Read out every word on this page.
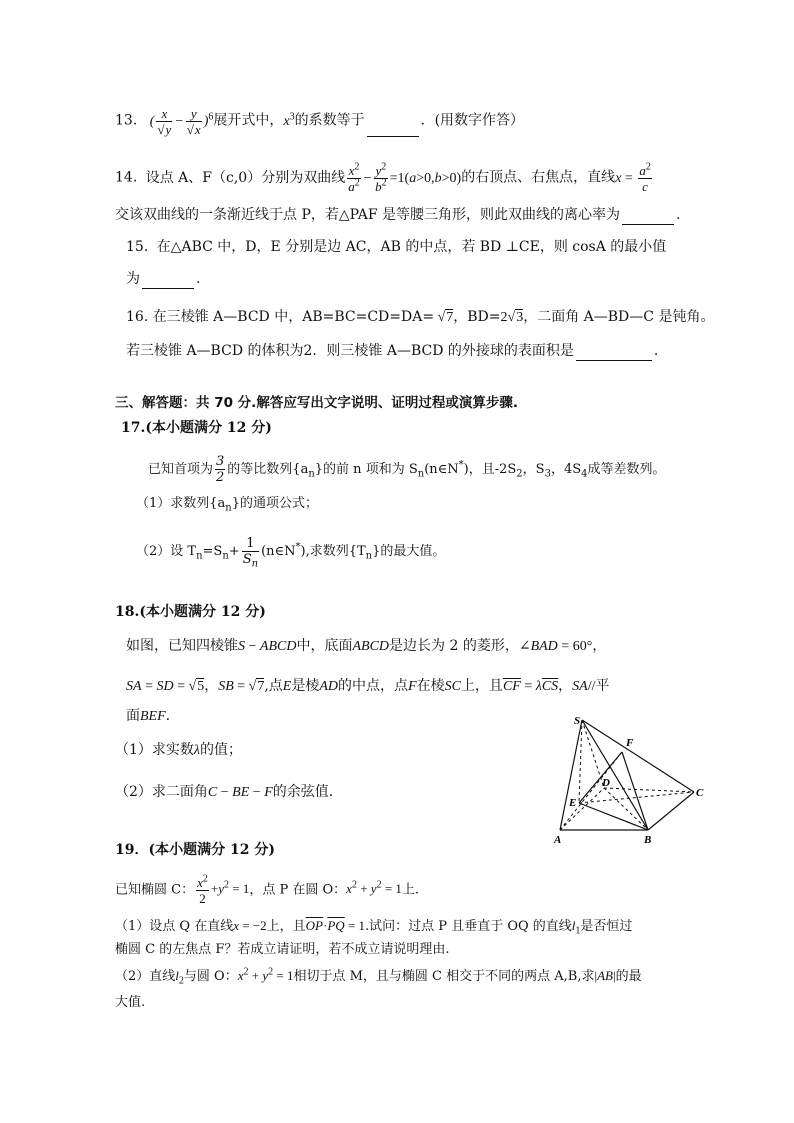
13. ( $\frac{x}{√y} - \frac{y}{√x} )^6$展开式中，$x^3$的系数等于	．(用数字作答）
14. 设点 A、F（c,0）分别为双曲线 $\frac{x^2}{a^2} - \frac{y^2}{b^2} =1(a>0,b>0)$的右顶点、右焦点，直线$x = \frac{a^2}{c}$
交该双曲线的一条渐近线于点 P，若△PAF 是等腰三角形，则此双曲线的离心率为	.
15. 在△ABC 中，D，E 分别是边 AC，AB 的中点，若 BD ⊥CE，则 cosA 的最小值
为	.
16. 在三棱锥 A—BCD 中，AB=BC=CD=DA= √7，BD=2√3，二面角 A—BD—C 是钝角。
若三棱锥 A—BCD 的体积为2．则三棱锥 A—BCD 的外接球的表面积是	.
三、解答题：共 70 分.解答应写出文字说明、证明过程或演算步骤.
17.(本小题满分 12 分)
已知首项为 $\frac{3}{2}$ 的等比数列$\{a_n\}$的前 n 项和为 $S_n(n\in N^*)$，且$-2S_2$，$S_3$，$4S_4$成等差数列。
（1）求数列$\{a_n\}$的通项公式；
（2）设 $T_n=S_n+ \frac{1}{S_n}$ (n∈N*),求数列$\{T_n\}$的最大值。
18.(本小题满分 12 分)
如图，已知四棱锥S − ABCD中，底面ABCD是边长为 2 的菱形，∠BAD = 60°，
SA = SD = √5，SB = √7,点E是棱AD的中点，点F在棱SC上，且$\overline{CF} = \lambda\overline{CS}$，SA//平
面BEF.
（1）求实数λ的值；
（2）求二面角C − BE − F的余弦值.
S
F
D
C
E
A	B
19．(本小题满分 12 分)
已知椭圆 C： $\frac{x^2}{2} +y^2 = 1$，点 P 在圆 O：$x^2 + y^2 = 1$上.
（1）设点 Q 在直线x = −2上，且$\overline{OP}\cdot\overline{PQ} = 1$.试问：过点 P 且垂直于 OQ 的直线$l_1$是否恒过
椭圆 C 的左焦点 F？若成立请证明，若不成立请说明理由.
（2）直线$l_2$与圆 O：$x^2 + y^2 = 1$相切于点 M，且与椭圆 C 相交于不同的两点 A,B,求|AB|的最
大值.
